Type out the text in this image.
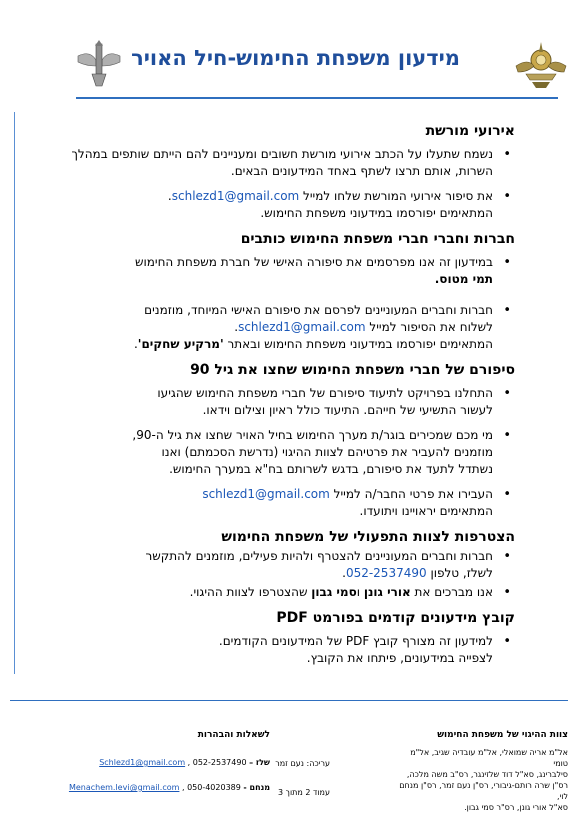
מידעון משפחת החימוש-חיל האויר
אירועי מורשת
• נשמח שתעלו על הכתב אירועי מורשת חשובים ומעניינים להם הייתם שותפים במהלך השרות, אותם תרצו לשתף באחד המידעונים הבאים.
• את סיפור אירועי המורשת שלחו למייל schlezd1@gmail.com.
המתאימים יפורסמו במידעוני משפחת החימוש.
חברות וחברי חברי משפחת החימוש כותבים
• במידעון זה אנו מפרסמים את סיפורה האישי של חברת משפחת החימוש
תמי מטוס.
• חברות וחברים המעוניינים לפרסם את סיפורם האישי המיוחד, מוזמנים
לשלוח את הסיפור למייל schlezd1@gmail.com.
המתאימים יפורסמו במידעוני משפחת החימוש ובאתר 'מרקיע שחקים'.
סיפורם של חברי משפחת החימוש שחצו את גיל 90
• התחלנו בפרויקט לתיעוד סיפורם של חברי משפחת החימוש שהגיעו
לעשור התשיעי של חייהם. התיעוד כולל ראיון וצילום וידאו.
• מי מכם שמכירים בוגר/ת מערך החימוש בחיל האויר שחצו את גיל ה-90,
מוזמנים להעביר את פרטיהם לצוות ההיגוי (נדרשת הסכמתם) ואנו
נשתדל לתעד את סיפורם, בדגש לשרותם בח"א במערך החימוש.
• העבירו את פרטי החבר/ה למייל schlezd1@gmail.com
המתאימים יראויינו ויתועדו.
הצטרפות לצוות התפעולי של משפחת החימוש
• חברות וחברים המעוניינים להצטרף ולהיות פעילים, מוזמנים להתקשר
לשלז, טלפון 052-2537490.
• אנו מברכים את אורי גונן וסמי גבון שהצטרפו לצוות ההיגוי.
קובץ מידעונים קודמים בפורמט PDF
• למידעון זה מצורף קובץ PDF של המידעונים הקודמים.
לצפייה במידעונים, פיתחו את הקובץ.
צוות ההיגוי של משפחת החימוש
אל"מ אריה שמואלי, אל"מ עובדיה שגיב, אל"מ טומי
סילברינג, סא"ל דוד שלזינגר, רס"ב משה מלכה,
רס"ן שרה רותם-גיבורי, רס"ן נעם זמר, רס"ן מנחם לוי,
סא"ל אורי גונן, רס"ר סמי גבון.
עריכה: נעם זמר
עמוד 2 מתוך 3
לשאלות והבהרות
שלז – 052-2537490 , Schlezd1@gmail.com
מנחם - 050-4020389 , Menachem.levi@gmail.com
